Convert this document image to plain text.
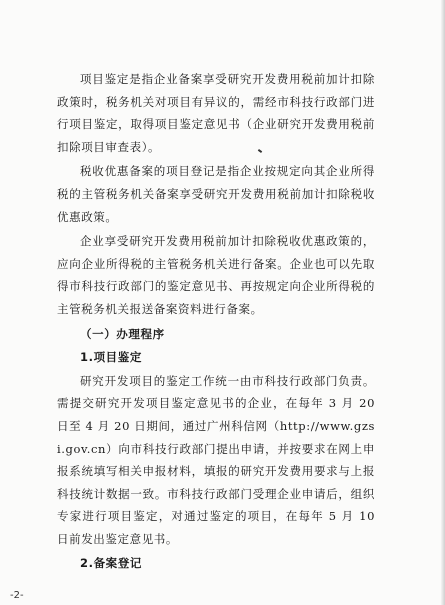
项目鉴定是指企业备案享受研究开发费用税前加计扣除政策时，税务机关对项目有异议的，需经市科技行政部门进行项目鉴定，取得项目鉴定意见书（企业研究开发费用税前扣除项目审查表）。

税收优惠备案的项目登记是指企业按规定向其企业所得税的主管税务机关备案享受研究开发费用税前加计扣除税收优惠政策。

企业享受研究开发费用税前加计扣除税收优惠政策的，应向企业所得税的主管税务机关进行备案。企业也可以先取得市科技行政部门的鉴定意见书、再按规定向企业所得税的主管税务机关报送备案资料进行备案。

（一）办理程序
1.项目鉴定

研究开发项目的鉴定工作统一由市科技行政部门负责。需提交研究开发项目鉴定意见书的企业，在每年 3 月 20 日至 4 月 20 日期间，通过广州科信网（http://www.gzsi.gov.cn）向市科技行政部门提出申请，并按要求在网上申报系统填写相关申报材料，填报的研究开发费用要求与上报科技统计数据一致。市科技行政部门受理企业申请后，组织专家进行项目鉴定，对通过鉴定的项目，在每年 5 月 10 日前发出鉴定意见书。

2.备案登记
-2-
